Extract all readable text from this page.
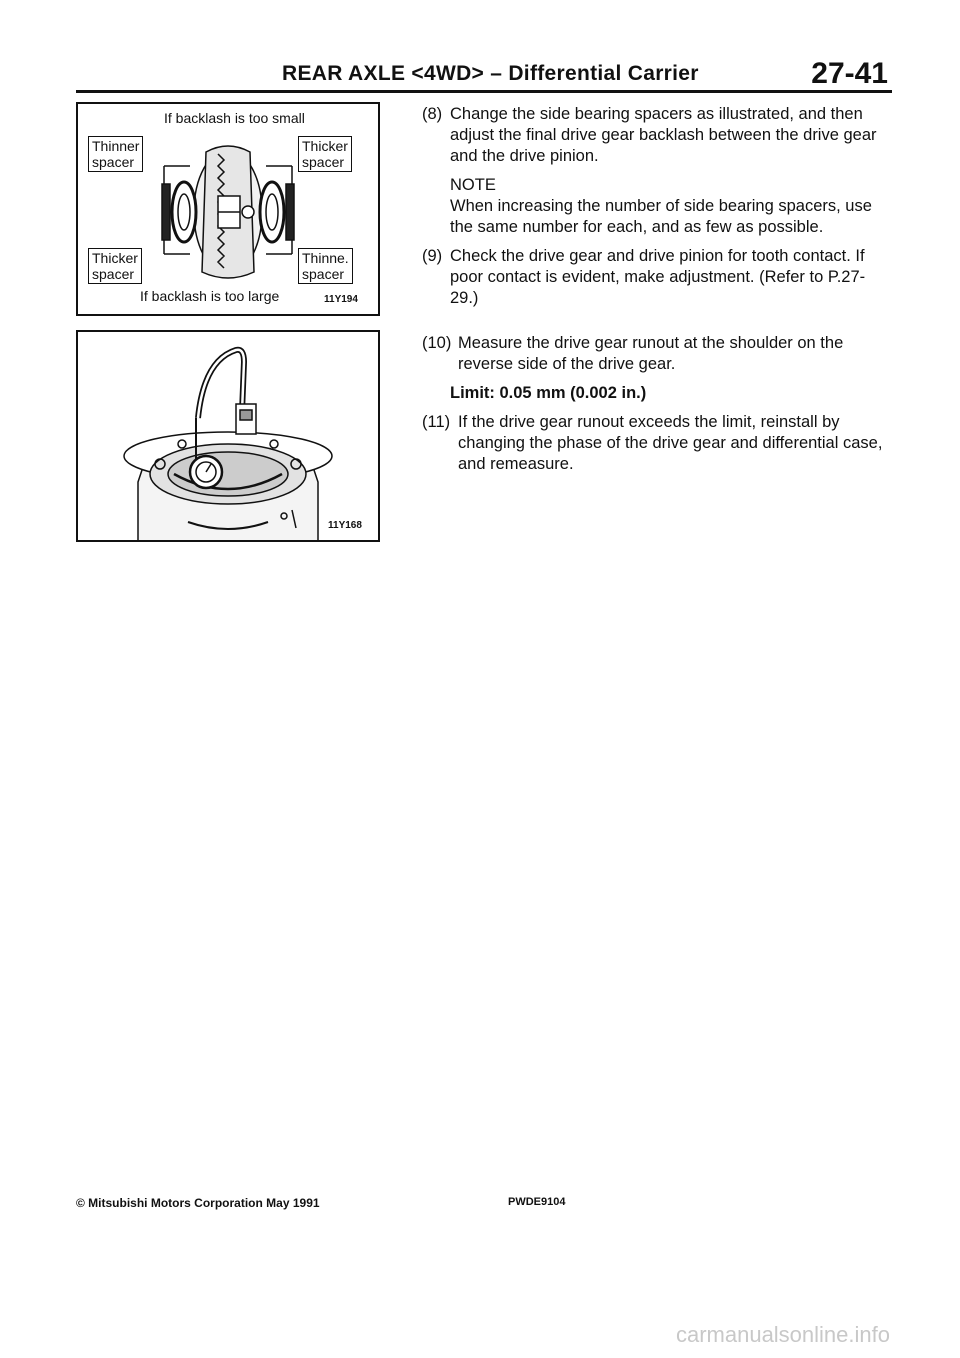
REAR AXLE <4WD> – Differential Carrier	27-41
If backlash is too small
Thinner
spacer
Thicker
spacer
Thicker
spacer
Thinne.
spacer
If backlash is too large	11Y194
11Y168
(8) Change the side bearing spacers as illustrated, and then adjust the final drive gear backlash between the drive gear and the drive pinion.
NOTE
When increasing the number of side bearing spacers, use the same number for each, and as few as possible.
(9) Check the drive gear and drive pinion for tooth contact. If poor contact is evident, make adjustment. (Refer to P.27-29.)
(10) Measure the drive gear runout at the shoulder on the reverse side of the drive gear.
Limit: 0.05 mm (0.002 in.)
(11) If the drive gear runout exceeds the limit, reinstall by changing the phase of the drive gear and differential case, and remeasure.
© Mitsubishi Motors Corporation May 1991	PWDE9104
carmanualsonline.info
